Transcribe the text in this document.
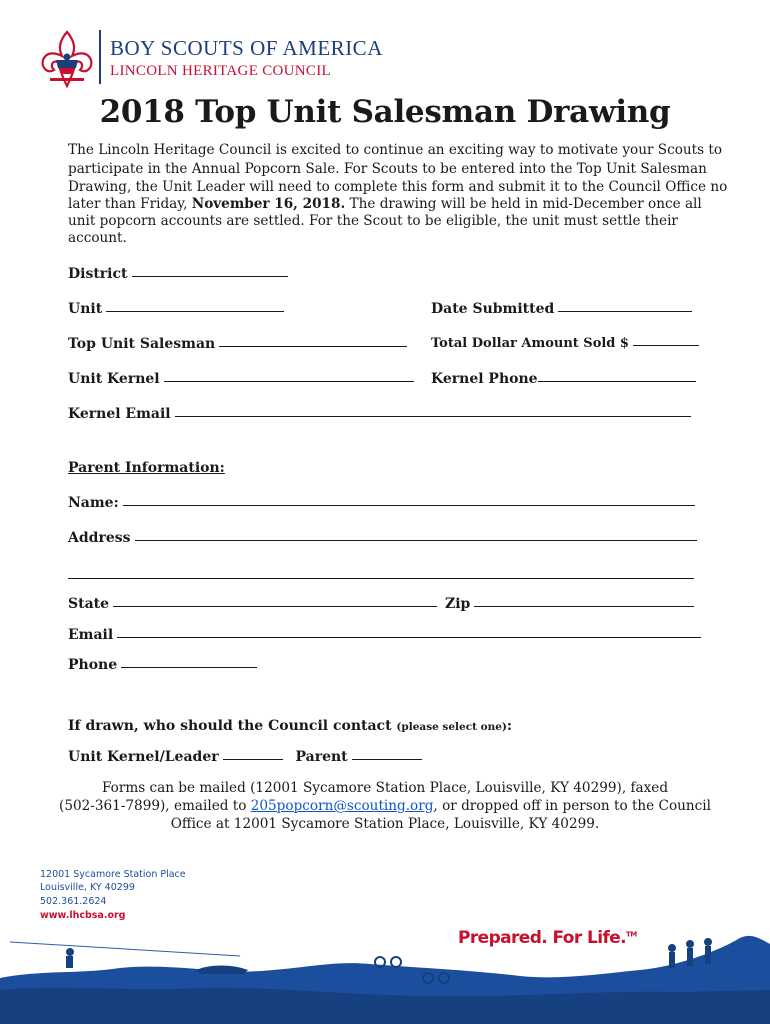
BOY SCOUTS OF AMERICA
LINCOLN HERITAGE COUNCIL
2018 Top Unit Salesman Drawing
The Lincoln Heritage Council is excited to continue an exciting way to motivate your Scouts to
participate in the Annual Popcorn Sale. For Scouts to be entered into the Top Unit Salesman
Drawing, the Unit Leader will need to complete this form and submit it to the Council Office no
later than Friday, November 16, 2018. The drawing will be held in mid-December once all
unit popcorn accounts are settled. For the Scout to be eligible, the unit must settle their
account.
District
Unit	Date Submitted
Top Unit Salesman	Total Dollar Amount Sold $
Unit Kernel	Kernel Phone
Kernel Email
Parent Information:
Name:
Address
State	Zip
Email
Phone
If drawn, who should the Council contact (please select one):
Unit Kernel/Leader	Parent
Forms can be mailed (12001 Sycamore Station Place, Louisville, KY 40299), faxed
(502-361-7899), emailed to 205popcorn@scouting.org, or dropped off in person to the Council
Office at 12001 Sycamore Station Place, Louisville, KY 40299.
12001 Sycamore Station Place
Louisville, KY 40299
502.361.2624
www.lhcbsa.org
Prepared. For Life.™
